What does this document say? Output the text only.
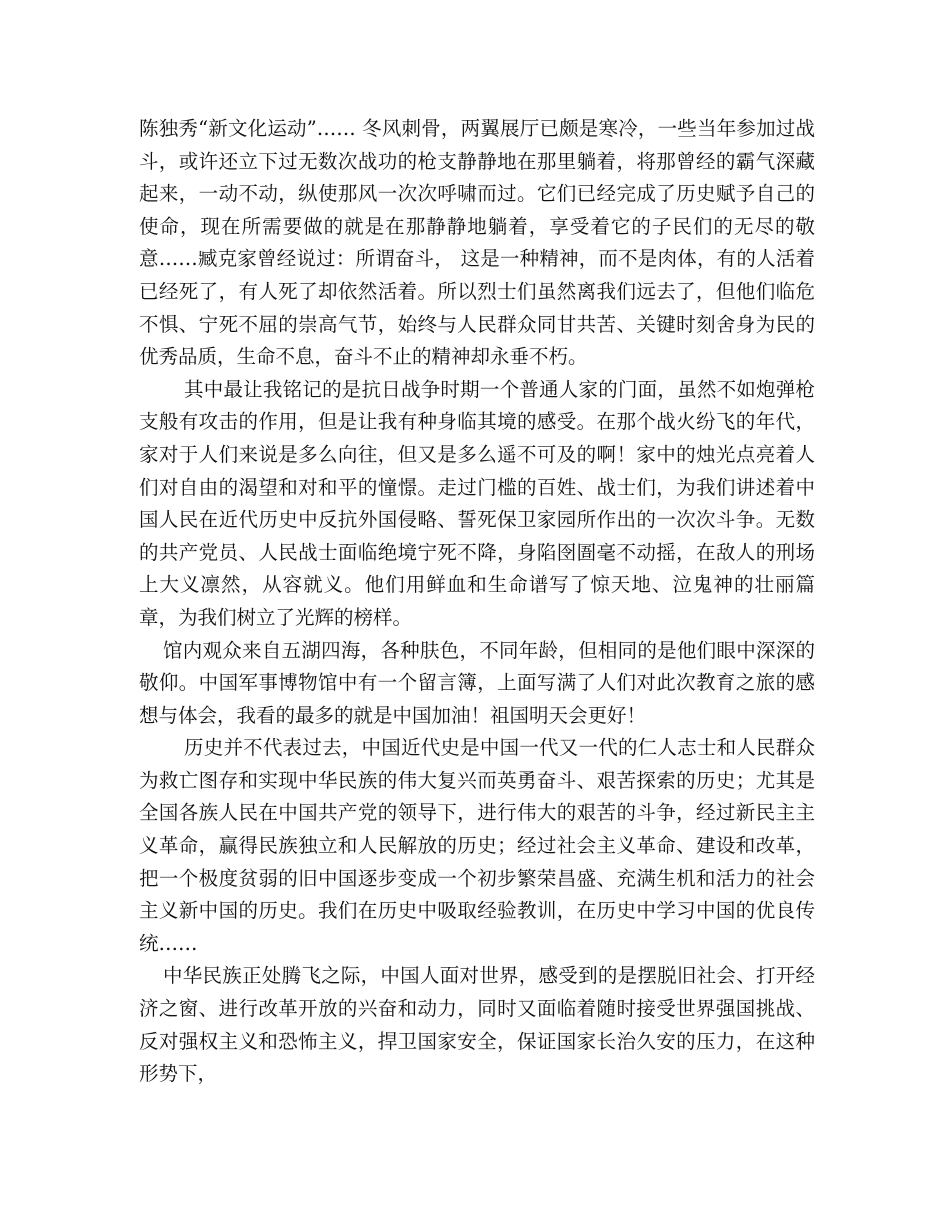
陈独秀“新文化运动”…… 冬风刺骨，两翼展厅已颇是寒冷，一些当年参加过战斗，或许还立下过无数次战功的枪支静静地在那里躺着，将那曾经的霸气深藏起来，一动不动，纵使那风一次次呼啸而过。它们已经完成了历史赋予自己的使命，现在所需要做的就是在那静静地躺着，享受着它的子民们的无尽的敬意……臧克家曾经说过：所谓奋斗， 这是一种精神，而不是肉体，有的人活着已经死了，有人死了却依然活着。所以烈士们虽然离我们远去了，但他们临危不惧、宁死不屈的崇高气节，始终与人民群众同甘共苦、关键时刻舍身为民的优秀品质，生命不息，奋斗不止的精神却永垂不朽。

其中最让我铭记的是抗日战争时期一个普通人家的门面，虽然不如炮弹枪支般有攻击的作用，但是让我有种身临其境的感受。在那个战火纷飞的年代，家对于人们来说是多么向往，但又是多么遥不可及的啊！家中的烛光点亮着人们对自由的渴望和对和平的憧憬。走过门槛的百姓、战士们，为我们讲述着中国人民在近代历史中反抗外国侵略、誓死保卫家园所作出的一次次斗争。无数的共产党员、人民战士面临绝境宁死不降，身陷囹圄毫不动摇，在敌人的刑场上大义凛然，从容就义。他们用鲜血和生命谱写了惊天地、泣鬼神的壮丽篇章，为我们树立了光辉的榜样。

馆内观众来自五湖四海，各种肤色，不同年龄，但相同的是他们眼中深深的敬仰。中国军事博物馆中有一个留言簿，上面写满了人们对此次教育之旅的感想与体会，我看的最多的就是中国加油！祖国明天会更好！

历史并不代表过去，中国近代史是中国一代又一代的仁人志士和人民群众为救亡图存和实现中华民族的伟大复兴而英勇奋斗、艰苦探索的历史；尤其是全国各族人民在中国共产党的领导下，进行伟大的艰苦的斗争，经过新民主主义革命，赢得民族独立和人民解放的历史；经过社会主义革命、建设和改革，把一个极度贫弱的旧中国逐步变成一个初步繁荣昌盛、充满生机和活力的社会主义新中国的历史。我们在历史中吸取经验教训，在历史中学习中国的优良传统……

中华民族正处腾飞之际，中国人面对世界，感受到的是摆脱旧社会、打开经济之窗、进行改革开放的兴奋和动力，同时又面临着随时接受世界强国挑战、反对强权主义和恐怖主义，捍卫国家安全，保证国家长治久安的压力，在这种形势下，
